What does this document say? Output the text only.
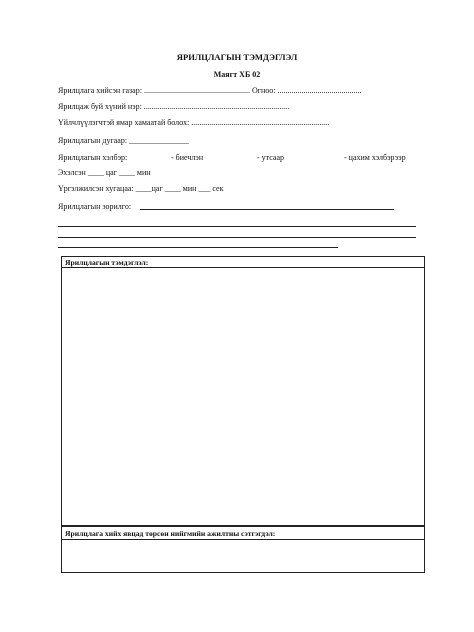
ЯРИЛЦЛАГЫН ТЭМДЭГЛЭЛ
Маягт ХБ 02
Ярилцлага хийсэн газар: ..................................................... Огноо: ..........................................
Ярилцаж буй хүний нэр: .........................................................................
Үйлчлүүлэгчтэй ямар хамаатай болох: .....................................................................
Ярилцлагын дугаар: _______________
Ярилцлагын хэлбэр:	- биечлэн	- утсаар	- цахим хэлбэрээр
Эхэлсэн ____ цаг ____ мин
Үргэлжилсэн хугацаа: ____цаг ____ мин ___ сек
Ярилцлагын зорилго:
Ярилцлагын тэмдэглэл:
Ярилцлага хийх явцад төрсөн нийгмийн ажилтны сэтгэгдэл:
